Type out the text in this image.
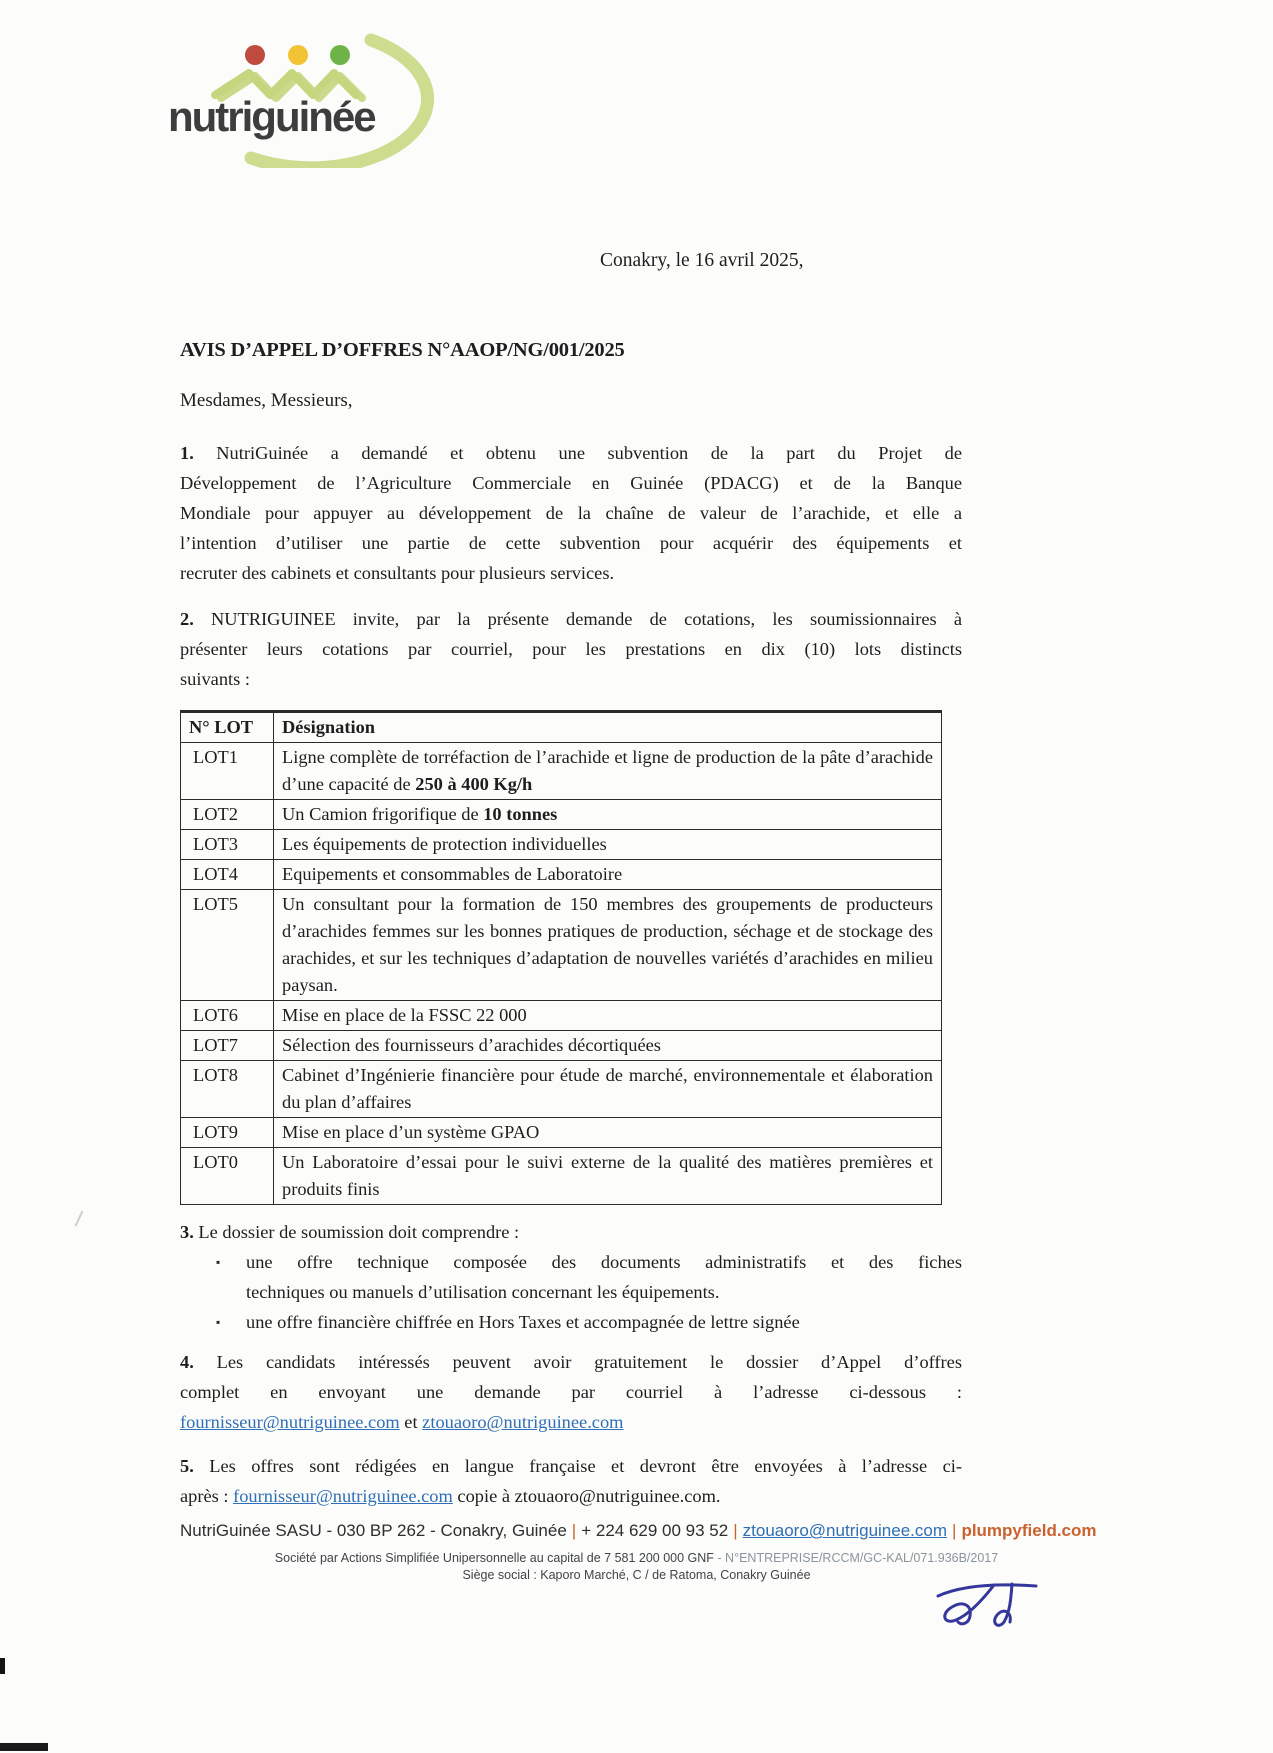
nutriguinée
Conakry, le 16 avril 2025,
AVIS D’APPEL D’OFFRES N°AAOP/NG/001/2025
Mesdames, Messieurs,
1. NutriGuinée a demandé et obtenu une subvention de la part du Projet de
Développement de l’Agriculture Commerciale en Guinée (PDACG) et de la Banque
Mondiale pour appuyer au développement de la chaîne de valeur de l’arachide, et elle a
l’intention d’utiliser une partie de cette subvention pour acquérir des équipements et
recruter des cabinets et consultants pour plusieurs services.
2. NUTRIGUINEE invite, par la présente demande de cotations, les soumissionnaires à
présenter leurs cotations par courriel, pour les prestations en dix (10) lots distincts
suivants :
N° LOT	Désignation
LOT1	Ligne complète de torréfaction de l’arachide et ligne de production de la pâte d’arachide d’une capacité de 250 à 400 Kg/h
LOT2	Un Camion frigorifique de 10 tonnes
LOT3	Les équipements de protection individuelles
LOT4	Equipements et consommables de Laboratoire
LOT5	Un consultant pour la formation de 150 membres des groupements de producteurs d’arachides femmes sur les bonnes pratiques de production, séchage et de stockage des arachides, et sur les techniques d’adaptation de nouvelles variétés d’arachides en milieu paysan.
LOT6	Mise en place de la FSSC 22 000
LOT7	Sélection des fournisseurs d’arachides décortiquées
LOT8	Cabinet d’Ingénierie financière pour étude de marché, environnementale et élaboration du plan d’affaires
LOT9	Mise en place d’un système GPAO
LOT0	Un Laboratoire d’essai pour le suivi externe de la qualité des matières premières et produits finis
3. Le dossier de soumission doit comprendre :
▪	une offre technique composée des documents administratifs et des fiches
techniques ou manuels d’utilisation concernant les équipements.
▪	une offre financière chiffrée en Hors Taxes et accompagnée de lettre signée
4. Les candidats intéressés peuvent avoir gratuitement le dossier d’Appel d’offres
complet en envoyant une demande par courriel à l’adresse ci-dessous :
fournisseur@nutriguinee.com et ztouaoro@nutriguinee.com
5. Les offres sont rédigées en langue française et devront être envoyées à l’adresse ci-
après : fournisseur@nutriguinee.com copie à ztouaoro@nutriguinee.com.
NutriGuinée SASU - 030 BP 262 - Conakry, Guinée | + 224 629 00 93 52 | ztouaoro@nutriguinee.com | plumpyfield.com
Société par Actions Simplifiée Unipersonnelle au capital de 7 581 200 000 GNF - N°ENTREPRISE/RCCM/GC-KAL/071.936B/2017
Siège social : Kaporo Marché, C / de Ratoma, Conakry Guinée
